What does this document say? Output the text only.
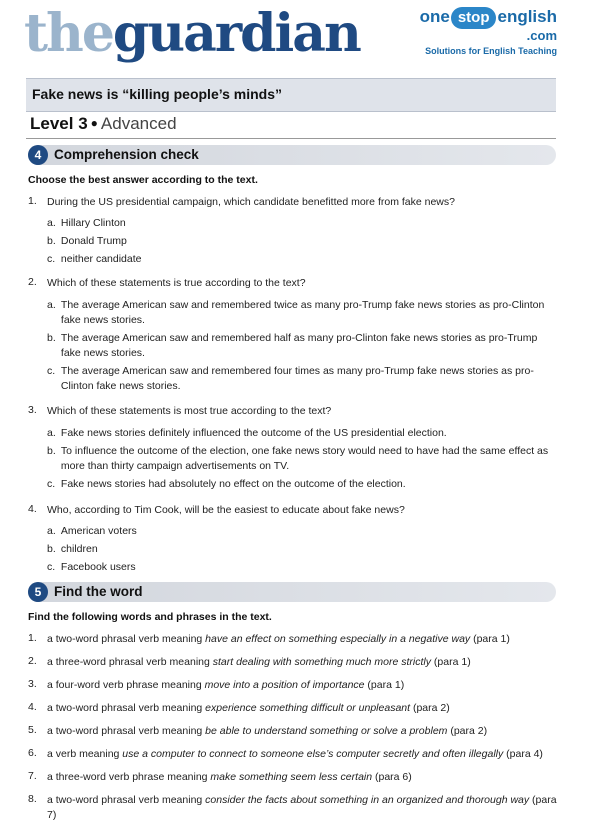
theguardian	one stop english
.com
Solutions for English Teaching
Fake news is “killing people’s minds”
Level 3 ● Advanced
4 Comprehension check
Choose the best answer according to the text.
1. During the US presidential campaign, which candidate benefitted more from fake news?
a. Hillary Clinton
b. Donald Trump
c. neither candidate
2. Which of these statements is true according to the text?
a. The average American saw and remembered twice as many pro-Trump fake news stories as pro-Clinton fake news stories.
b. The average American saw and remembered half as many pro-Clinton fake news stories as pro-Trump fake news stories.
c. The average American saw and remembered four times as many pro-Trump fake news stories as pro-Clinton fake news stories.
3. Which of these statements is most true according to the text?
a. Fake news stories definitely influenced the outcome of the US presidential election.
b. To influence the outcome of the election, one fake news story would need to have had the same effect as more than thirty campaign advertisements on TV.
c. Fake news stories had absolutely no effect on the outcome of the election.
4. Who, according to Tim Cook, will be the easiest to educate about fake news?
a. American voters
b. children
c. Facebook users
5 Find the word
Find the following words and phrases in the text.
1. a two-word phrasal verb meaning have an effect on something especially in a negative way (para 1)
2. a three-word phrasal verb meaning start dealing with something much more strictly (para 1)
3. a four-word verb phrase meaning move into a position of importance (para 1)
4. a two-word phrasal verb meaning experience something difficult or unpleasant (para 2)
5. a two-word phrasal verb meaning be able to understand something or solve a problem (para 2)
6. a verb meaning use a computer to connect to someone else’s computer secretly and often illegally (para 4)
7. a three-word verb phrase meaning make something seem less certain (para 6)
8. a two-word phrasal verb meaning consider the facts about something in an organized and thorough way (para 7)
